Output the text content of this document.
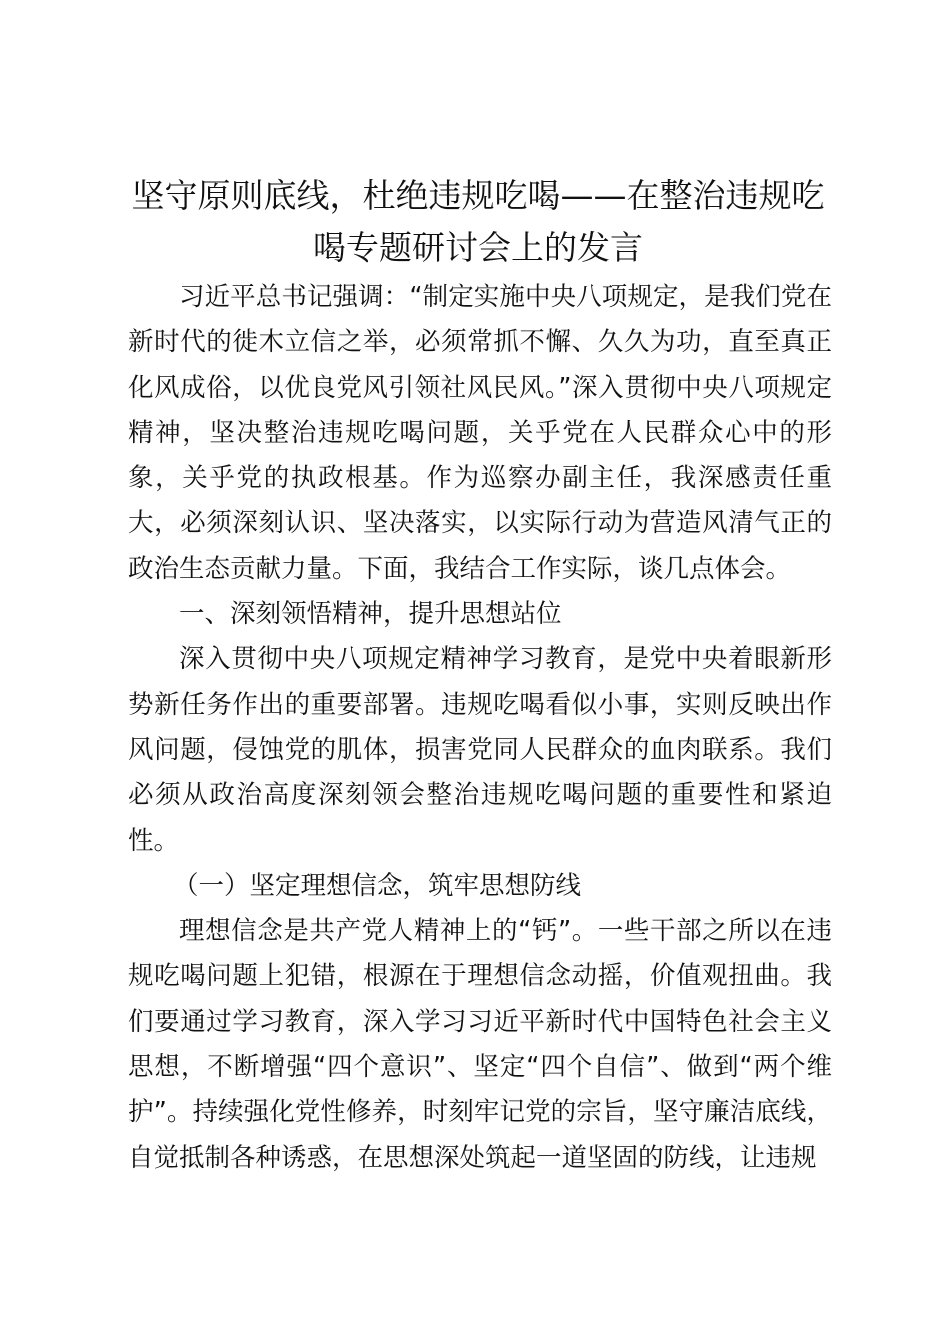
坚守原则底线，杜绝违规吃喝——在整治违规吃喝专题研讨会上的发言

习近平总书记强调：“制定实施中央八项规定，是我们党在新时代的徙木立信之举，必须常抓不懈、久久为功，直至真正化风成俗，以优良党风引领社风民风。”深入贯彻中央八项规定精神，坚决整治违规吃喝问题，关乎党在人民群众心中的形象，关乎党的执政根基。作为巡察办副主任，我深感责任重大，必须深刻认识、坚决落实，以实际行动为营造风清气正的政治生态贡献力量。下面，我结合工作实际，谈几点体会。

一、深刻领悟精神，提升思想站位

深入贯彻中央八项规定精神学习教育，是党中央着眼新形势新任务作出的重要部署。违规吃喝看似小事，实则反映出作风问题，侵蚀党的肌体，损害党同人民群众的血肉联系。我们必须从政治高度深刻领会整治违规吃喝问题的重要性和紧迫性。

（一）坚定理想信念，筑牢思想防线

理想信念是共产党人精神上的“钙”。一些干部之所以在违规吃喝问题上犯错，根源在于理想信念动摇，价值观扭曲。我们要通过学习教育，深入学习习近平新时代中国特色社会主义思想，不断增强“四个意识”、坚定“四个自信”、做到“两个维护”。持续强化党性修养，时刻牢记党的宗旨，坚守廉洁底线，自觉抵制各种诱惑，在思想深处筑起一道坚固的防线，让违规
